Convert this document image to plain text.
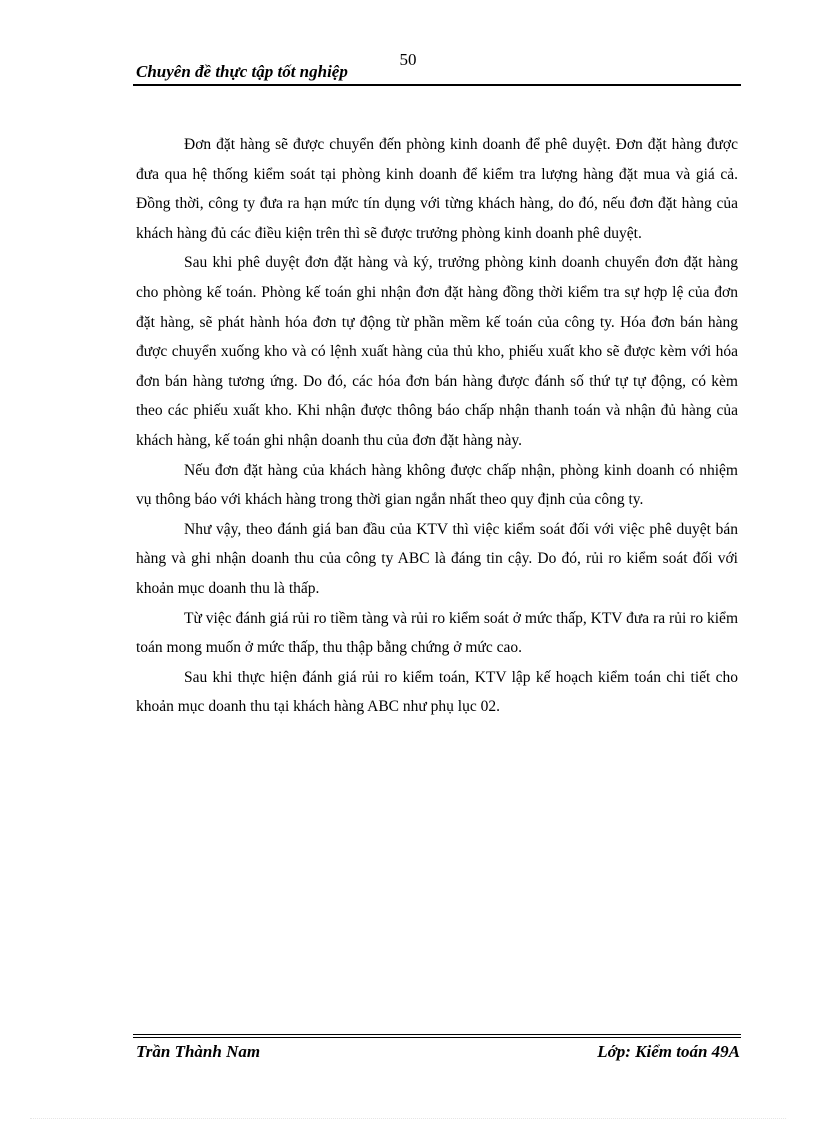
50
Chuyên đề thực tập tốt nghiệp

Đơn đặt hàng sẽ được chuyển đến phòng kinh doanh để phê duyệt. Đơn đặt hàng được đưa qua hệ thống kiểm soát tại phòng kinh doanh để kiểm tra lượng hàng đặt mua và giá cả. Đồng thời, công ty đưa ra hạn mức tín dụng với từng khách hàng, do đó, nếu đơn đặt hàng của khách hàng đủ các điều kiện trên thì sẽ được trưởng phòng kinh doanh phê duyệt.

Sau khi phê duyệt đơn đặt hàng và ký, trưởng phòng kinh doanh chuyển đơn đặt hàng cho phòng kế toán. Phòng kế toán ghi nhận đơn đặt hàng đồng thời kiểm tra sự hợp lệ của đơn đặt hàng, sẽ phát hành hóa đơn tự động từ phần mềm kế toán của công ty. Hóa đơn bán hàng được chuyển xuống kho và có lệnh xuất hàng của thủ kho, phiếu xuất kho sẽ được kèm với hóa đơn bán hàng tương ứng. Do đó, các hóa đơn bán hàng được đánh số thứ tự tự động, có kèm theo các phiếu xuất kho. Khi nhận được thông báo chấp nhận thanh toán và nhận đủ hàng của khách hàng, kế toán ghi nhận doanh thu của đơn đặt hàng này.

Nếu đơn đặt hàng của khách hàng không được chấp nhận, phòng kinh doanh có nhiệm vụ thông báo với khách hàng trong thời gian ngắn nhất theo quy định của công ty.

Như vậy, theo đánh giá ban đầu của KTV thì việc kiểm soát đối với việc phê duyệt bán hàng và ghi nhận doanh thu của công ty ABC là đáng tin cậy. Do đó, rủi ro kiểm soát đối với khoản mục doanh thu là thấp.

Từ việc đánh giá rủi ro tiềm tàng và rủi ro kiểm soát ở mức thấp, KTV đưa ra rủi ro kiểm toán mong muốn ở mức thấp, thu thập bằng chứng ở mức cao.

Sau khi thực hiện đánh giá rủi ro kiểm toán, KTV lập kế hoạch kiểm toán chi tiết cho khoản mục doanh thu tại khách hàng ABC như phụ lục 02.

Trần Thành Nam	Lớp: Kiểm toán 49A
